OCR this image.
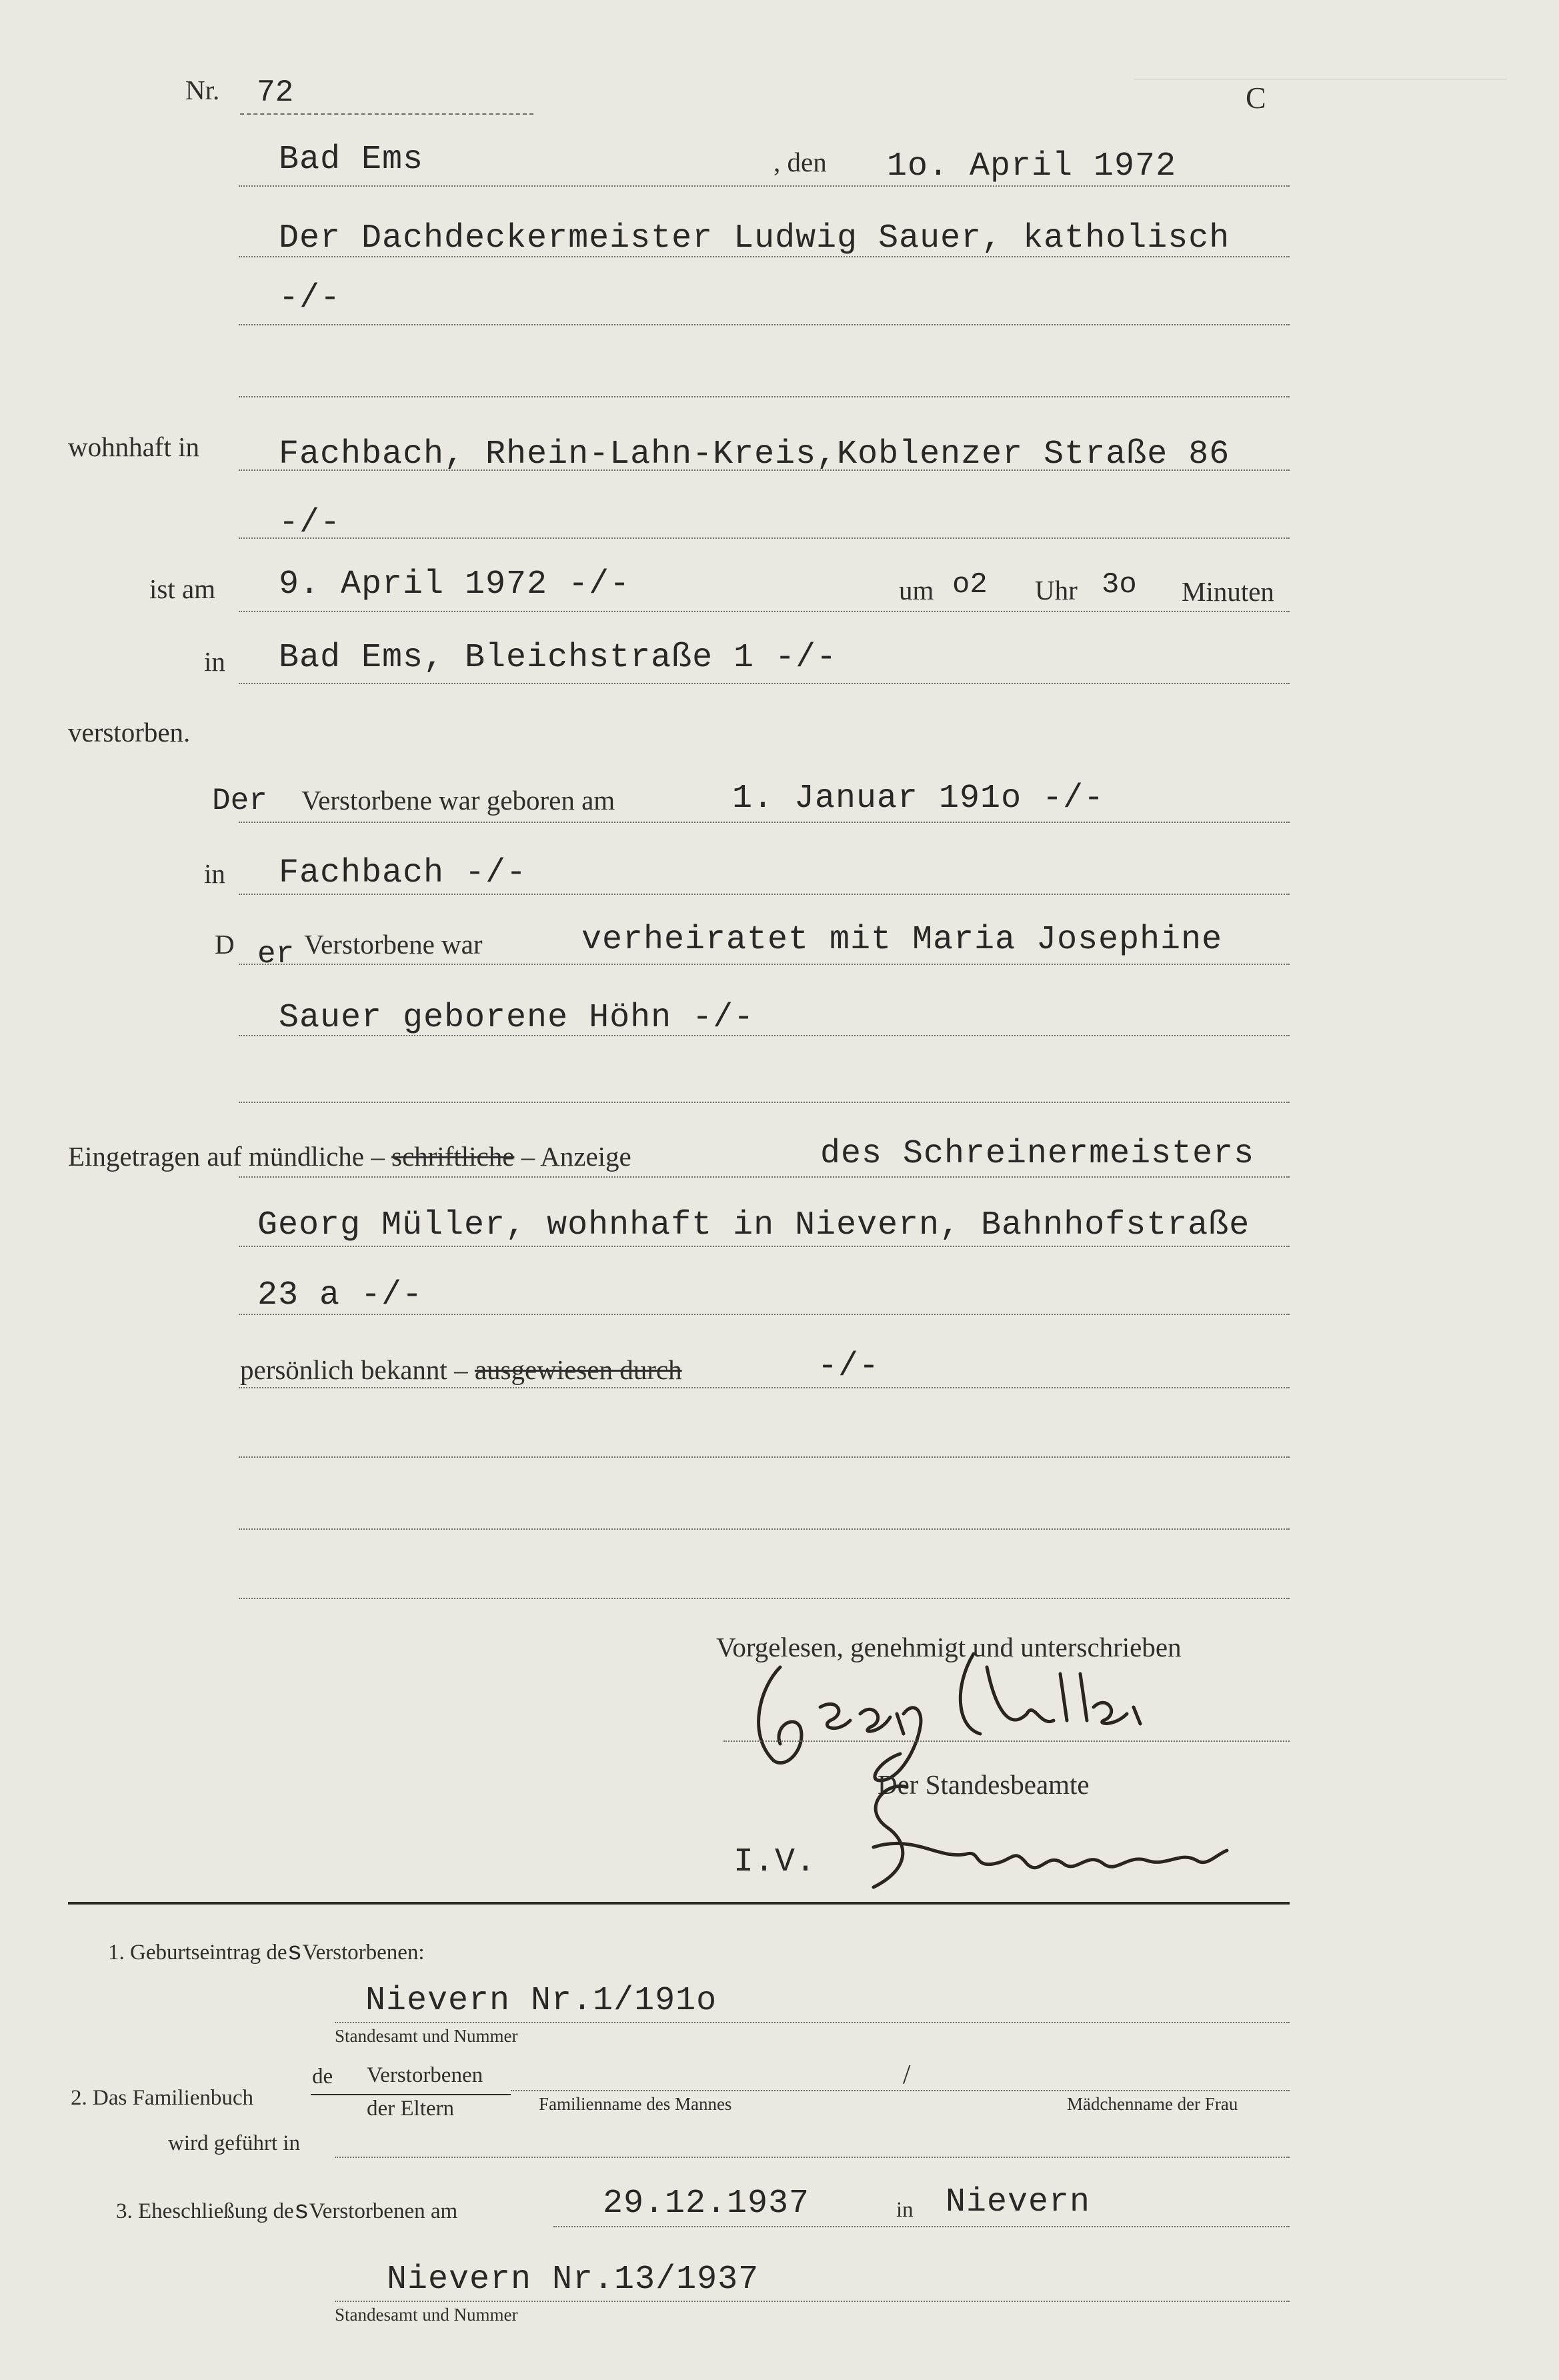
Nr. 72	C
Bad Ems	, den 1o. April 1972
Der Dachdeckermeister Ludwig Sauer, katholisch
-/-
wohnhaft in Fachbach, Rhein-Lahn-Kreis,Koblenzer Straße 86
-/-
ist am 9. April 1972 -/-	um o2 Uhr 3o Minuten
in Bad Ems, Bleichstraße 1 -/-
verstorben.
Der Verstorbene war geboren am	1. Januar 191o -/-
in Fachbach -/-
D er Verstorbene war	verheiratet mit Maria Josephine
Sauer geborene Höhn -/-
Eingetragen auf mündliche – schriftliche – Anzeige	des Schreinermeisters
Georg Müller, wohnhaft in Nievern, Bahnhofstraße
23 a -/-
persönlich bekannt – ausgewiesen durch	-/-
Vorgelesen, genehmigt und unterschrieben
Der Standesbeamte
I.V.
1. Geburtseintrag desVerstorbenen:
Nievern Nr.1/191o
Standesamt und Nummer
2. Das Familienbuch
de Verstorbenen
der Eltern
/
Familienname des Mannes	Mädchenname der Frau
wird geführt in
3. Eheschließung desVerstorbenen am	29.12.1937	in Nievern
Nievern Nr.13/1937
Standesamt und Nummer
